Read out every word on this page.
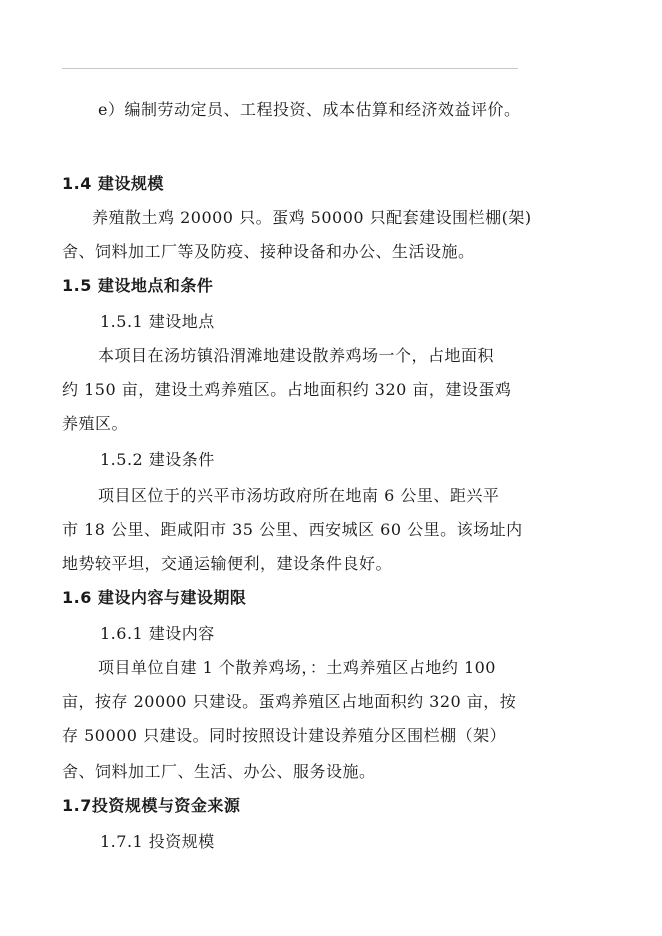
e）编制劳动定员、工程投资、成本估算和经济效益评价。
1.4 建设规模
养殖散土鸡 20000 只。蛋鸡 50000 只配套建设围栏棚(架)
舍、饲料加工厂等及防疫、接种设备和办公、生活设施。
1.5 建设地点和条件
1.5.1 建设地点
本项目在汤坊镇沿渭滩地建设散养鸡场一个，占地面积
约 150 亩，建设土鸡养殖区。占地面积约 320 亩，建设蛋鸡
养殖区。
1.5.2 建设条件
项目区位于的兴平市汤坊政府所在地南 6 公里、距兴平
市 18 公里、距咸阳市 35 公里、西安城区 60 公里。该场址内
地势较平坦，交通运输便利，建设条件良好。
1.6 建设内容与建设期限
1.6.1 建设内容
项目单位自建 1 个散养鸡场，：土鸡养殖区占地约 100
亩，按存 20000 只建设。蛋鸡养殖区占地面积约 320 亩，按
存 50000 只建设。同时按照设计建设养殖分区围栏棚（架）
舍、饲料加工厂、生活、办公、服务设施。
1.7投资规模与资金来源
1.7.1 投资规模
